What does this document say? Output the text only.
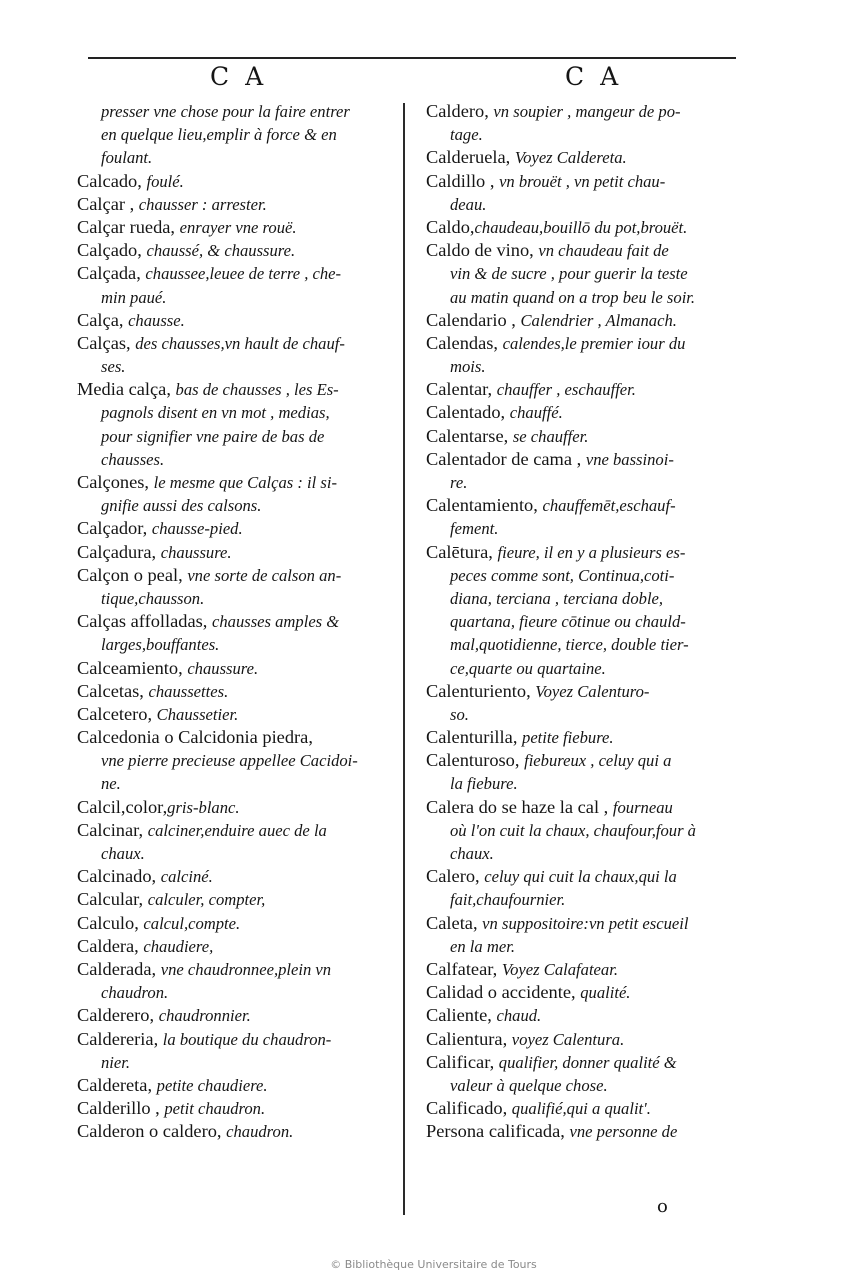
C A	C A
presser vne chose pour la faire entrer
en quelque lieu,emplir à force & en
foulant.
Calcado, foulé.
Calçar , chausser : arrester.
Calçar rueda, enrayer vne rouë.
Calçado, chaussé, & chaussure.
Calçada, chaussee,leuee de terre , che-
min paué.
Calça, chausse.
Calças, des chausses,vn hault de chauf-
ses.
Media calça, bas de chausses , les Es-
pagnols disent en vn mot , medias,
pour signifier vne paire de bas de
chausses.
Calçones, le mesme que Calças : il si-
gnifie aussi des calsons.
Calçador, chausse-pied.
Calçadura, chaussure.
Calçon o peal, vne sorte de calson an-
tique,chausson.
Calças affolladas, chausses amples &
larges,bouffantes.
Calceamiento, chaussure.
Calcetas, chaussettes.
Calcetero, Chaussetier.
Calcedonia o Calcidonia piedra,
vne pierre precieuse appellee Cacidoi-
ne.
Calcil,color,gris-blanc.
Calcinar, calciner,enduire auec de la
chaux.
Calcinado, calciné.
Calcular, calculer, compter,
Calculo, calcul,compte.
Caldera, chaudiere,
Calderada, vne chaudronnee,plein vn
chaudron.
Calderero, chaudronnier.
Caldereria, la boutique du chaudron-
nier.
Caldereta, petite chaudiere.
Calderillo , petit chaudron.
Calderon o caldero, chaudron.
Caldero, vn soupier , mangeur de po-
tage.
Calderuela, Voyez Caldereta.
Caldillo , vn brouët , vn petit chau-
deau.
Caldo,chaudeau,bouillō du pot,brouët.
Caldo de vino, vn chaudeau fait de
vin & de sucre , pour guerir la teste
au matin quand on a trop beu le soir.
Calendario , Calendrier , Almanach.
Calendas, calendes,le premier iour du
mois.
Calentar, chauffer , eschauffer.
Calentado, chauffé.
Calentarse, se chauffer.
Calentador de cama , vne bassinoi-
re.
Calentamiento, chauffemēt,eschauf-
fement.
Calētura, fieure, il en y a plusieurs es-
peces comme sont, Continua,coti-
diana, terciana , terciana doble,
quartana, fieure cōtinue ou chauld-
mal,quotidienne, tierce, double tier-
ce,quarte ou quartaine.
Calenturiento, Voyez Calenturo-
so.
Calenturilla, petite fiebure.
Calenturoso, fiebureux , celuy qui a
la fiebure.
Calera do se haze la cal , fourneau
où l'on cuit la chaux, chaufour,four à
chaux.
Calero, celuy qui cuit la chaux,qui la
fait,chaufournier.
Caleta, vn suppositoire:vn petit escueil
en la mer.
Calfatear, Voyez Calafatear.
Calidad o accidente, qualité.
Caliente, chaud.
Calientura, voyez Calentura.
Calificar, qualifier, donner qualité &
valeur à quelque chose.
Calificado, qualifié,qui a qualit'.
Persona calificada, vne personne de
o
© Bibliothèque Universitaire de Tours
